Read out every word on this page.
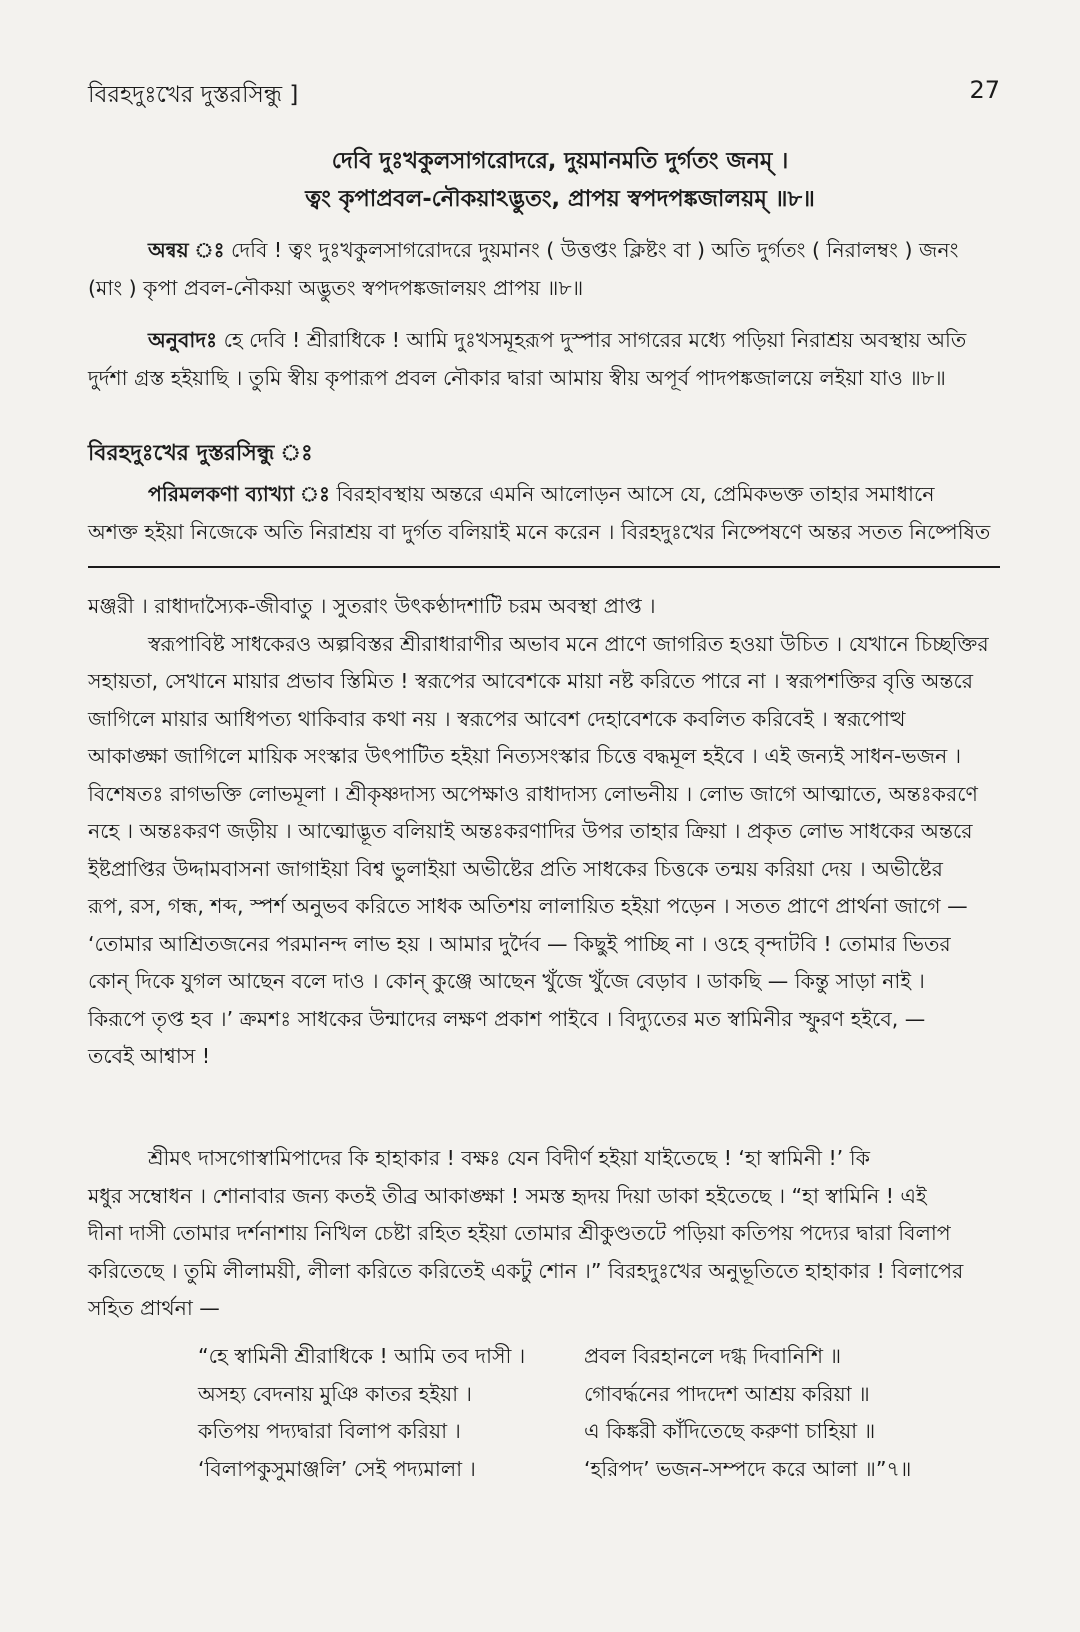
বিরহদুঃখের দুস্তরসিন্ধু ]	27
দেবি দুঃখকুলসাগরোদরে, দুয়মানমতি দুর্গতং জনম্ ।
ত্বং কৃপাপ্রবল-নৌকয়াঽদ্ভুতং, প্রাপয় স্বপদপঙ্কজালয়ম্ ॥৮॥
অন্বয় ঃ দেবি ! ত্বং দুঃখকুলসাগরোদরে দুয়মানং ( উত্তপ্তং ক্লিষ্টং বা ) অতি দুর্গতং ( নিরালম্বং ) জনং
(মাং ) কৃপা প্রবল-নৌকয়া অদ্ভুতং স্বপদপঙ্কজালয়ং প্রাপয় ॥৮॥
অনুবাদঃ হে দেবি ! শ্রীরাধিকে ! আমি দুঃখসমূহরূপ দুস্পার সাগরের মধ্যে পড়িয়া নিরাশ্রয় অবস্থায় অতি
দুর্দশা গ্রস্ত হইয়াছি । তুমি স্বীয় কৃপারূপ প্রবল নৌকার দ্বারা আমায় স্বীয় অপূর্ব পাদপঙ্কজালয়ে লইয়া যাও ॥৮॥
বিরহদুঃখের দুস্তরসিন্ধু ঃ
পরিমলকণা ব্যাখ্যা ঃ বিরহাবস্থায় অন্তরে এমনি আলোড়ন আসে যে, প্রেমিকভক্ত তাহার সমাধানে
অশক্ত হইয়া নিজেকে অতি নিরাশ্রয় বা দুর্গত বলিয়াই মনে করেন । বিরহদুঃখের নিষ্পেষণে অন্তর সতত নিষ্পেষিত
মঞ্জরী । রাধাদাস্যৈক-জীবাতু । সুতরাং উৎকণ্ঠাদশাটি চরম অবস্থা প্রাপ্ত ।
স্বরূপাবিষ্ট সাধকেরও অল্পবিস্তর শ্রীরাধারাণীর অভাব মনে প্রাণে জাগরিত হওয়া উচিত । যেখানে চিচ্ছক্তির
সহায়তা, সেখানে মায়ার প্রভাব স্তিমিত ! স্বরূপের আবেশকে মায়া নষ্ট করিতে পারে না । স্বরূপশক্তির বৃত্তি অন্তরে
জাগিলে মায়ার আধিপত্য থাকিবার কথা নয় । স্বরূপের আবেশ দেহাবেশকে কবলিত করিবেই । স্বরূপোত্থ
আকাঙ্ক্ষা জাগিলে মায়িক সংস্কার উৎপাটিত হইয়া নিত্যসংস্কার চিত্তে বদ্ধমূল হইবে । এই জন্যই সাধন-ভজন ।
বিশেষতঃ রাগভক্তি লোভমূলা । শ্রীকৃষ্ণদাস্য অপেক্ষাও রাধাদাস্য লোভনীয় । লোভ জাগে আত্মাতে, অন্তঃকরণে
নহে । অন্তঃকরণ জড়ীয় । আত্মোদ্ভূত বলিয়াই অন্তঃকরণাদির উপর তাহার ক্রিয়া । প্রকৃত লোভ সাধকের অন্তরে
ইষ্টপ্রাপ্তির উদ্দামবাসনা জাগাইয়া বিশ্ব ভুলাইয়া অভীষ্টের প্রতি সাধকের চিত্তকে তন্ময় করিয়া দেয় । অভীষ্টের
রূপ, রস, গন্ধ, শব্দ, স্পর্শ অনুভব করিতে সাধক অতিশয় লালায়িত হইয়া পড়েন । সতত প্রাণে প্রার্থনা জাগে —
‘তোমার আশ্রিতজনের পরমানন্দ লাভ হয় । আমার দুর্দৈব — কিছুই পাচ্ছি না । ওহে বৃন্দাটবি ! তোমার ভিতর
কোন্ দিকে যুগল আছেন বলে দাও । কোন্ কুঞ্জে আছেন খুঁজে খুঁজে বেড়াব । ডাকছি — কিন্তু সাড়া নাই ।
কিরূপে তৃপ্ত হব ।’ ক্রমশঃ সাধকের উন্মাদের লক্ষণ প্রকাশ পাইবে । বিদ্যুতের মত স্বামিনীর স্ফুরণ হইবে, —
তবেই আশ্বাস !
শ্রীমৎ দাসগোস্বামিপাদের কি হাহাকার ! বক্ষঃ যেন বিদীর্ণ হইয়া যাইতেছে ! ‘হা স্বামিনী !’ কি
মধুর সম্বোধন । শোনাবার জন্য কতই তীব্র আকাঙ্ক্ষা ! সমস্ত হৃদয় দিয়া ডাকা হইতেছে । “হা স্বামিনি ! এই
দীনা দাসী তোমার দর্শনাশায় নিখিল চেষ্টা রহিত হইয়া তোমার শ্রীকুণ্ডতটে পড়িয়া কতিপয় পদ্যের দ্বারা বিলাপ
করিতেছে । তুমি লীলাময়ী, লীলা করিতে করিতেই একটু শোন ।” বিরহদুঃখের অনুভূতিতে হাহাকার ! বিলাপের
সহিত প্রার্থনা —
“হে স্বামিনী শ্রীরাধিকে ! আমি তব দাসী ।	প্রবল বিরহানলে দগ্ধ দিবানিশি ॥
অসহ্য বেদনায় মুঞি কাতর হইয়া ।	গোবর্দ্ধনের পাদদেশ আশ্রয় করিয়া ॥
কতিপয় পদ্যদ্বারা বিলাপ করিয়া ।	এ কিঙ্করী কাঁদিতেছে করুণা চাহিয়া ॥
‘বিলাপকুসুমাঞ্জলি’ সেই পদ্যমালা ।	‘হরিপদ’ ভজন-সম্পদে করে আলা ॥”৭॥
